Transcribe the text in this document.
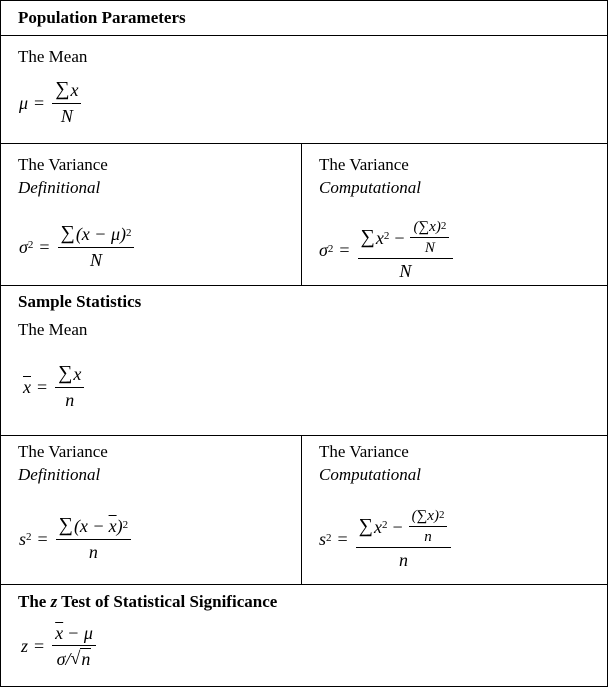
Population Parameters
The Mean
$\mu = \frac{\sum x}{N}$
The Variance
Definitional
$\sigma^2 = \frac{\sum (x - \mu)^2}{N}$
The Variance
Computational
$\sigma^2 = \frac{\sum x^2 - \frac{(\sum x)^2}{N}}{N}$
Sample Statistics
The Mean
$\overline{x} = \frac{\sum x}{n}$
The Variance
Definitional
$s^2 = \frac{\sum (x - \overline{x} )^2}{n}$
The Variance
Computational
$s^2 = \frac{\sum x^2 - \frac{(\sum x)^2}{n}}{n}$
The z Test of Statistical Significance
$z = \frac{\overline{x} - \mu}{\sigma/ √ n}$
